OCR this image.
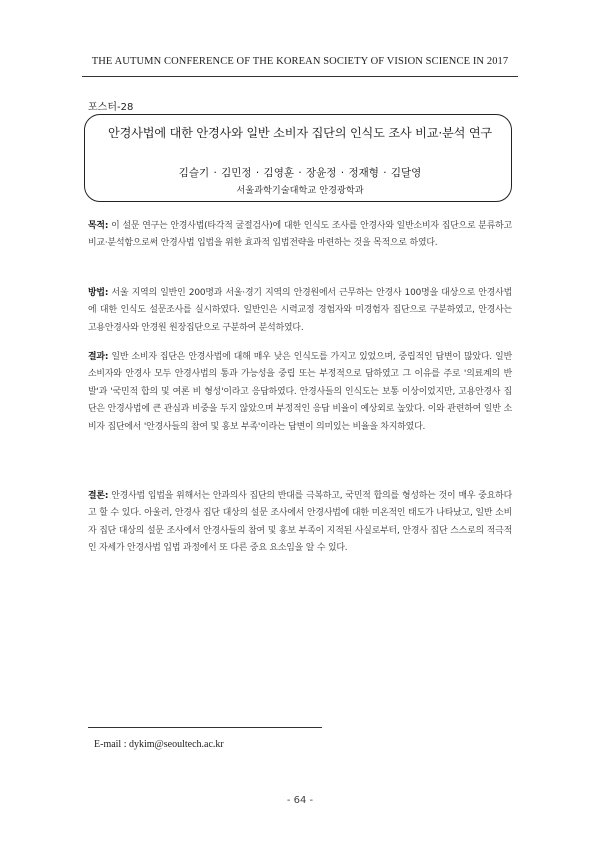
THE AUTUMN CONFERENCE OF THE KOREAN SOCIETY OF VISION SCIENCE IN 2017
포스터-28
안경사법에 대한 안경사와 일반 소비자 집단의 인식도 조사 비교·분석 연구
김슬기 · 김민정 · 김영훈 · 장윤정 · 정재형 · 김달영
서울과학기술대학교 안경광학과
목적: 이 설문 연구는 안경사법(타각적 굴절검사)에 대한 인식도 조사를 안경사와 일반소비자 집단으로 분류하고 비교·분석함으로써 안경사법 입법을 위한 효과적 입법전략을 마련하는 것을 목적으로 하였다.
방법: 서울 지역의 일반인 200명과 서울·경기 지역의 안경원에서 근무하는 안경사 100명을 대상으로 안경사법에 대한 인식도 설문조사를 실시하였다. 일반인은 시력교정 경험자와 미경험자 집단으로 구분하였고, 안경사는 고용안경사와 안경원 원장집단으로 구분하여 분석하였다.
결과: 일반 소비자 집단은 안경사법에 대해 매우 낮은 인식도를 가지고 있었으며, 중립적인 답변이 많았다. 일반 소비자와 안경사 모두 안경사법의 통과 가능성을 중립 또는 부정적으로 답하였고 그 이유를 주로 '의료계의 반발'과 '국민적 합의 및 여론 비 형성'이라고 응답하였다. 안경사들의 인식도는 보통 이상이었지만, 고용안경사 집단은 안경사법에 큰 관심과 비중을 두지 않았으며 부정적인 응답 비율이 예상외로 높았다. 이와 관련하여 일반 소비자 집단에서 '안경사들의 참여 및 홍보 부족'이라는 답변이 의미있는 비율을 차지하였다.
결론: 안경사법 입법을 위해서는 안과의사 집단의 반대를 극복하고, 국민적 합의를 형성하는 것이 매우 중요하다고 할 수 있다. 아울러, 안경사 집단 대상의 설문 조사에서 안경사법에 대한 미온적인 태도가 나타났고, 일반 소비자 집단 대상의 설문 조사에서 안경사들의 참여 및 홍보 부족이 지적된 사실로부터, 안경사 집단 스스로의 적극적인 자세가 안경사법 입법 과정에서 또 다른 중요 요소임을 알 수 있다.
E-mail : dykim@seoultech.ac.kr
- 64 -
